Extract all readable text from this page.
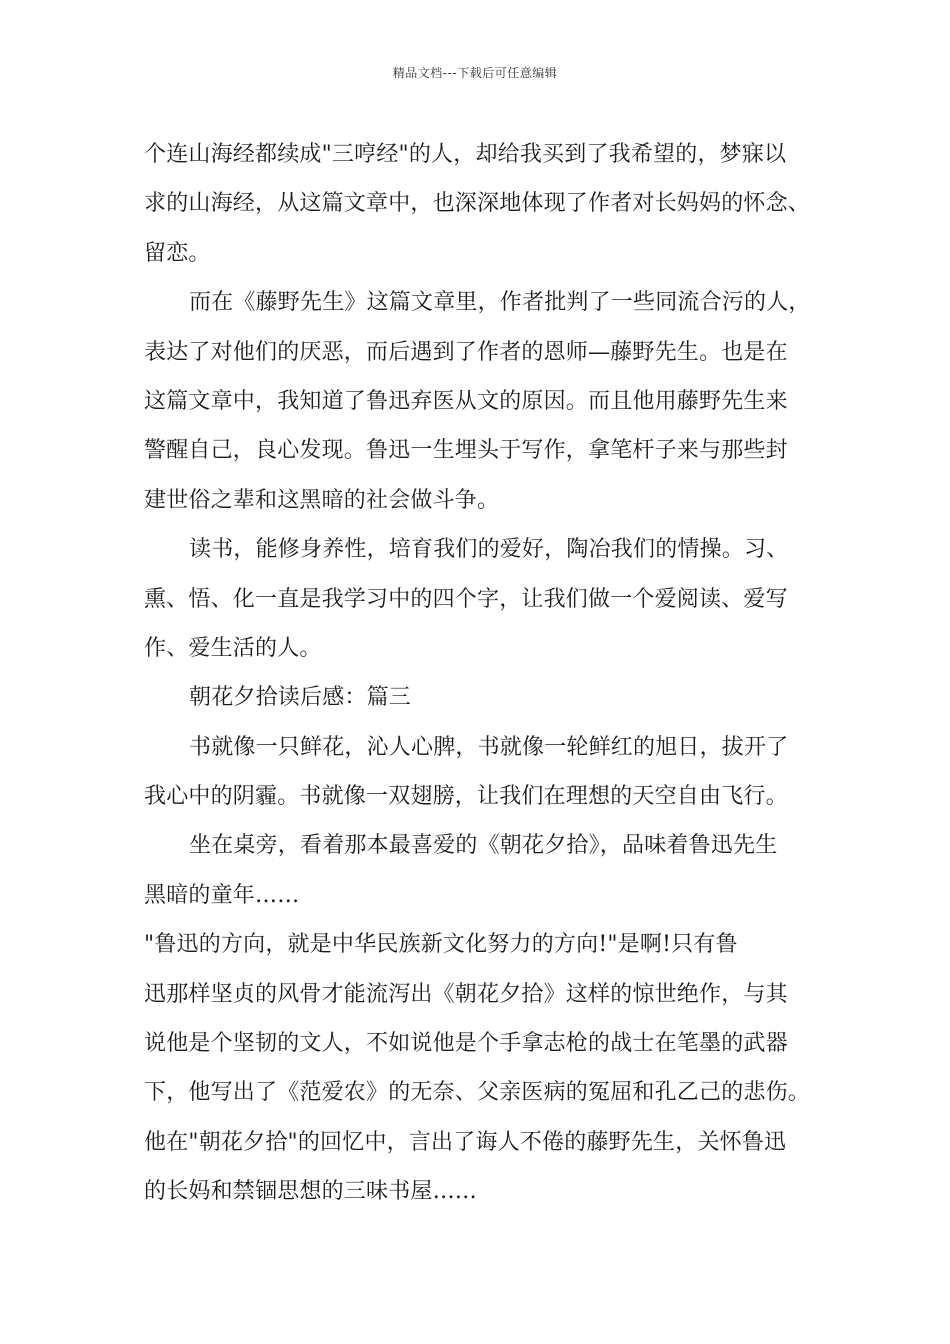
精品文档---下载后可任意编辑
个连山海经都续成"三哼经"的人，却给我买到了我希望的，梦寐以
求的山海经，从这篇文章中，也深深地体现了作者对长妈妈的怀念、
留恋。
而在《藤野先生》这篇文章里，作者批判了一些同流合污的人，
表达了对他们的厌恶，而后遇到了作者的恩师—藤野先生。也是在
这篇文章中，我知道了鲁迅弃医从文的原因。而且他用藤野先生来
警醒自己，良心发现。鲁迅一生埋头于写作，拿笔杆子来与那些封
建世俗之辈和这黑暗的社会做斗争。
读书，能修身养性，培育我们的爱好，陶冶我们的情操。习、
熏、悟、化一直是我学习中的四个字，让我们做一个爱阅读、爱写
作、爱生活的人。
朝花夕拾读后感：篇三
书就像一只鲜花，沁人心脾，书就像一轮鲜红的旭日，拔开了
我心中的阴霾。书就像一双翅膀，让我们在理想的天空自由飞行。
坐在桌旁，看着那本最喜爱的《朝花夕拾》，品味着鲁迅先生
黑暗的童年……
"鲁迅的方向，就是中华民族新文化努力的方向!"是啊!只有鲁
迅那样坚贞的风骨才能流泻出《朝花夕拾》这样的惊世绝作，与其
说他是个坚韧的文人，不如说他是个手拿志枪的战士在笔墨的武器
下，他写出了《范爱农》的无奈、父亲医病的冤屈和孔乙己的悲伤。
他在"朝花夕拾"的回忆中，言出了诲人不倦的藤野先生，关怀鲁迅
的长妈和禁锢思想的三味书屋……
